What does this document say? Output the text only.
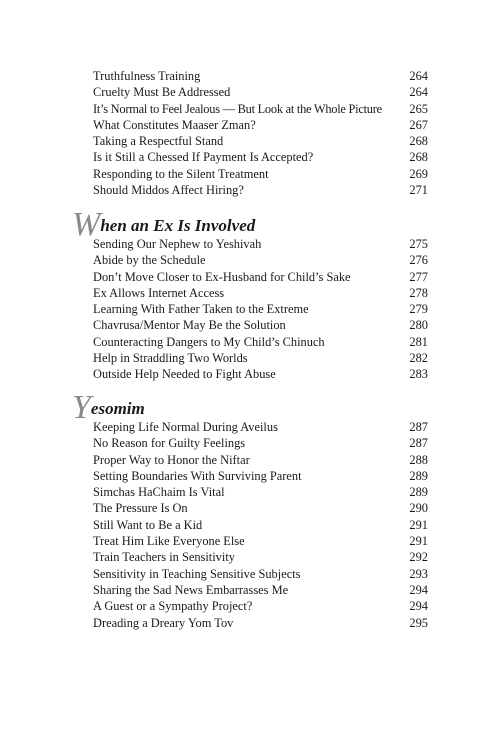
Truthfulness Training	264
Cruelty Must Be Addressed	264
It’s Normal to Feel Jealous — But Look at the Whole Picture 265
What Constitutes Maaser Zman?	267
Taking a Respectful Stand	268
Is it Still a Chessed If Payment Is Accepted?	268
Responding to the Silent Treatment	269
Should Middos Affect Hiring?	271
When an Ex Is Involved
Sending Our Nephew to Yeshivah	275
Abide by the Schedule	276
Don’t Move Closer to Ex-Husband for Child’s Sake	277
Ex Allows Internet Access	278
Learning With Father Taken to the Extreme	279
Chavrusa/Mentor May Be the Solution	280
Counteracting Dangers to My Child’s Chinuch	281
Help in Straddling Two Worlds	282
Outside Help Needed to Fight Abuse	283
Yesomim
Keeping Life Normal During Aveilus	287
No Reason for Guilty Feelings	287
Proper Way to Honor the Niftar	288
Setting Boundaries With Surviving Parent	289
Simchas HaChaim Is Vital	289
The Pressure Is On	290
Still Want to Be a Kid	291
Treat Him Like Everyone Else	291
Train Teachers in Sensitivity	292
Sensitivity in Teaching Sensitive Subjects	293
Sharing the Sad News Embarrasses Me	294
A Guest or a Sympathy Project?	294
Dreading a Dreary Yom Tov	295
